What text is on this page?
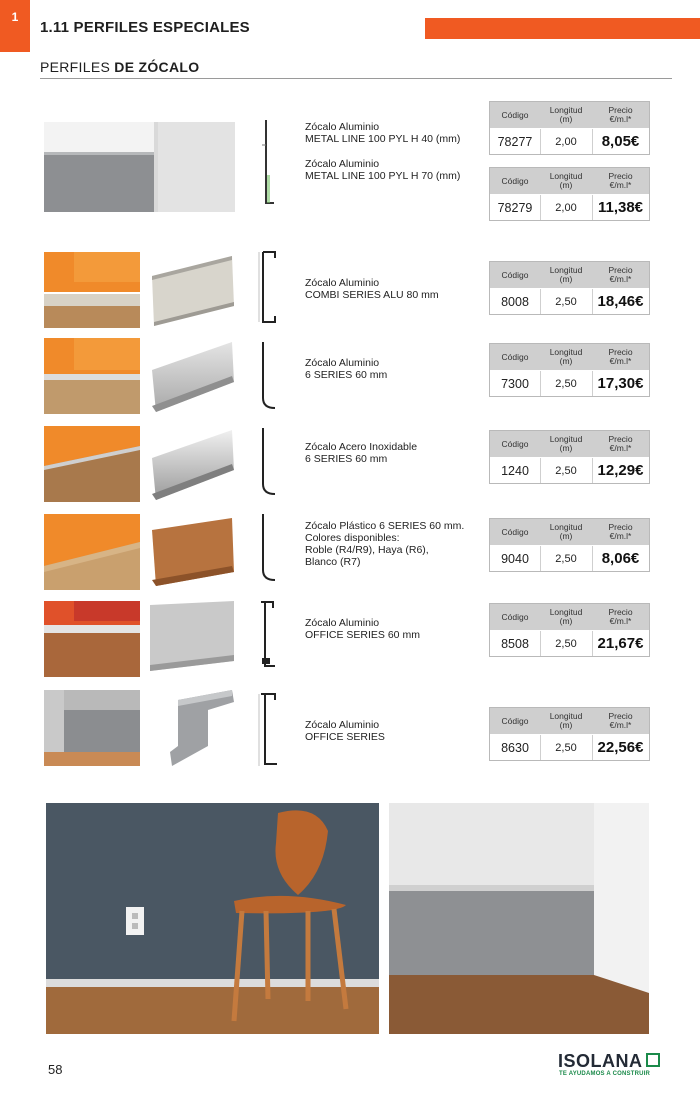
1
1.11 PERFILES ESPECIALES
PERFILES DE ZÓCALO
Zócalo Aluminio
METAL LINE 100 PYL H 40 (mm)
Zócalo Aluminio
METAL LINE 100 PYL H 70 (mm)
Código	Longitud
(m)
Precio
€/m.l*
78277	2,00	8,05€
Código	Longitud
(m)
Precio
€/m.l*
78279	2,00	11,38€
Zócalo Aluminio
COMBI SERIES ALU 80 mm
Código	Longitud
(m)
Precio
€/m.l*
8008	2,50	18,46€
Zócalo Aluminio
6 SERIES 60 mm
Código	Longitud
(m)
Precio
€/m.l*
7300	2,50	17,30€
Zócalo Acero Inoxidable
6 SERIES 60 mm
Código	Longitud
(m)
Precio
€/m.l*
1240	2,50	12,29€
Zócalo Plástico 6 SERIES 60 mm.
Colores disponibles:
Roble (R4/R9), Haya (R6),
Blanco (R7)
Código	Longitud
(m)
Precio
€/m.l*
9040	2,50	8,06€
Zócalo Aluminio
OFFICE SERIES 60 mm
Código	Longitud
(m)
Precio
€/m.l*
8508	2,50	21,67€
Zócalo Aluminio
OFFICE SERIES
Código	Longitud
(m)
Precio
€/m.l*
8630	2,50	22,56€
58	ISOLANA
TE AYUDAMOS A CONSTRUIR
